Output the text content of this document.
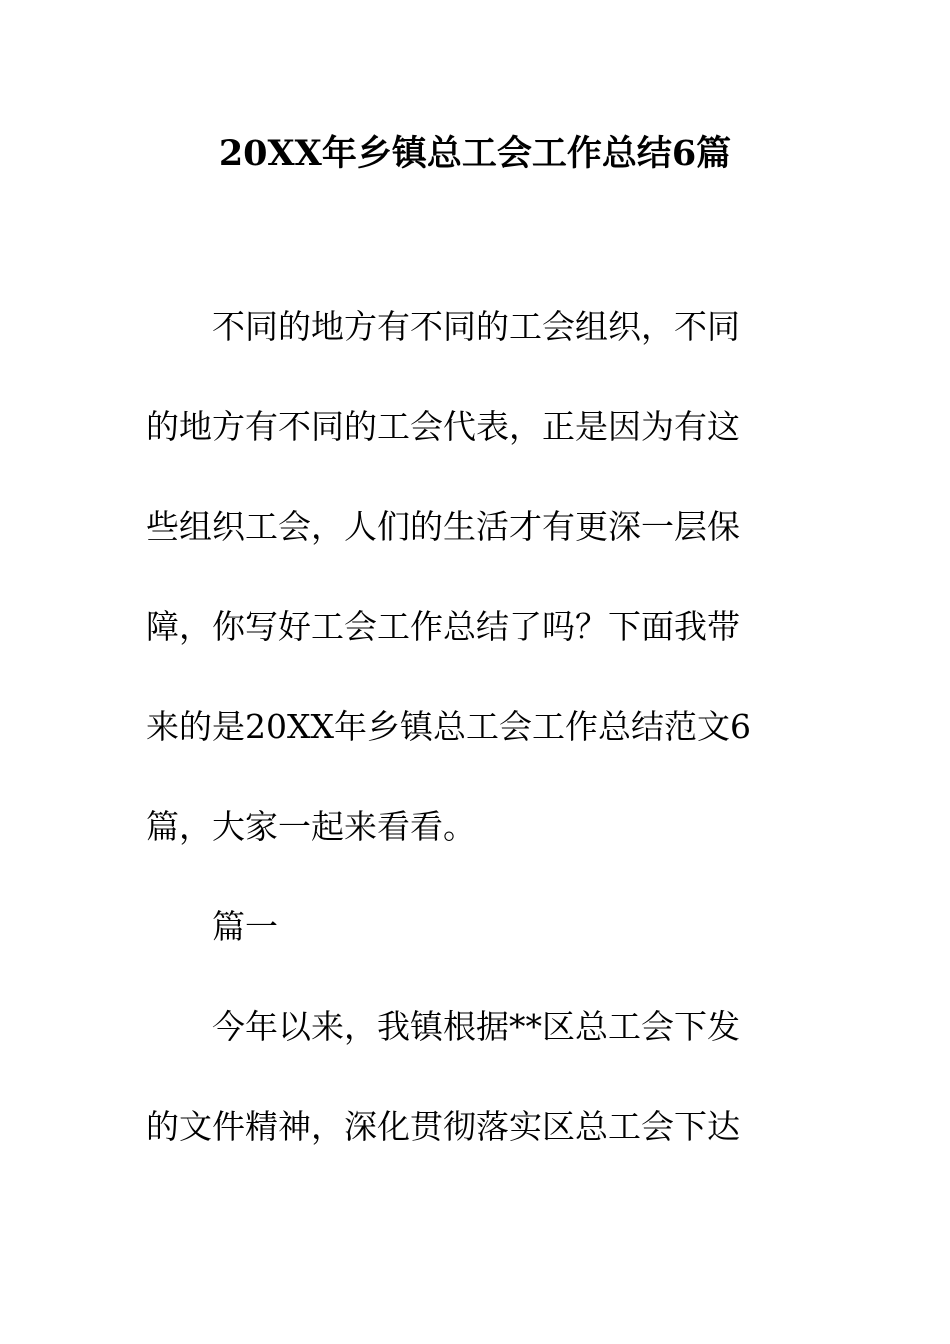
20XX年乡镇总工会工作总结6篇
　　不同的地方有不同的工会组织，不同
的地方有不同的工会代表，正是因为有这
些组织工会，人们的生活才有更深一层保
障，你写好工会工作总结了吗？下面我带
来的是20XX年乡镇总工会工作总结范文6
篇，大家一起来看看。
　　篇一
　　今年以来，我镇根据**区总工会下发
的文件精神，深化贯彻落实区总工会下达
